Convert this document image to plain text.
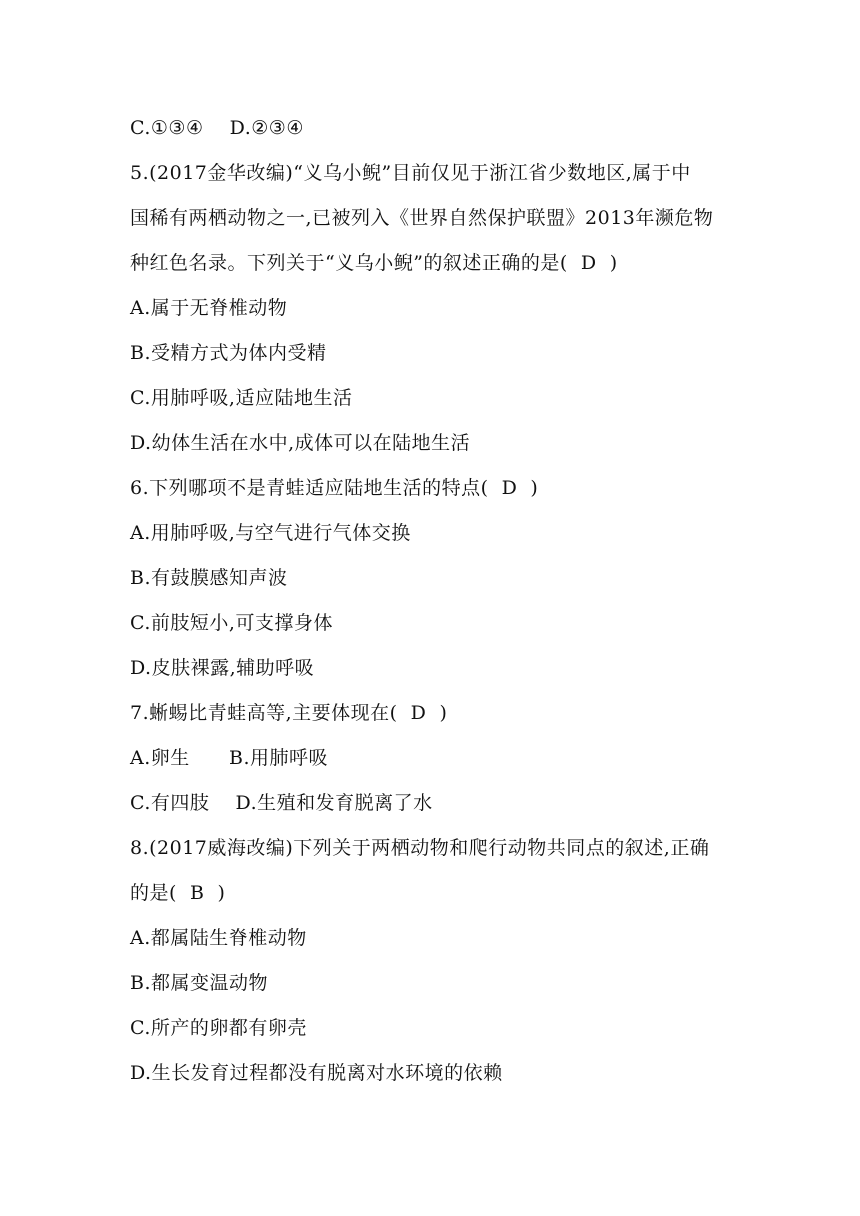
C.①③④    D.②③④
5.(2017金华改编)“义乌小鲵”目前仅见于浙江省少数地区,属于中
国稀有两栖动物之一,已被列入《世界自然保护联盟》2013年濒危物
种红色名录。下列关于“义乌小鲵”的叙述正确的是(  D  )
A.属于无脊椎动物
B.受精方式为体内受精
C.用肺呼吸,适应陆地生活
D.幼体生活在水中,成体可以在陆地生活
6.下列哪项不是青蛙适应陆地生活的特点(  D  )
A.用肺呼吸,与空气进行气体交换
B.有鼓膜感知声波
C.前肢短小,可支撑身体
D.皮肤裸露,辅助呼吸
7.蜥蜴比青蛙高等,主要体现在(  D  )
A.卵生      B.用肺呼吸
C.有四肢    D.生殖和发育脱离了水
8.(2017威海改编)下列关于两栖动物和爬行动物共同点的叙述,正确
的是(  B  )
A.都属陆生脊椎动物
B.都属变温动物
C.所产的卵都有卵壳
D.生长发育过程都没有脱离对水环境的依赖
